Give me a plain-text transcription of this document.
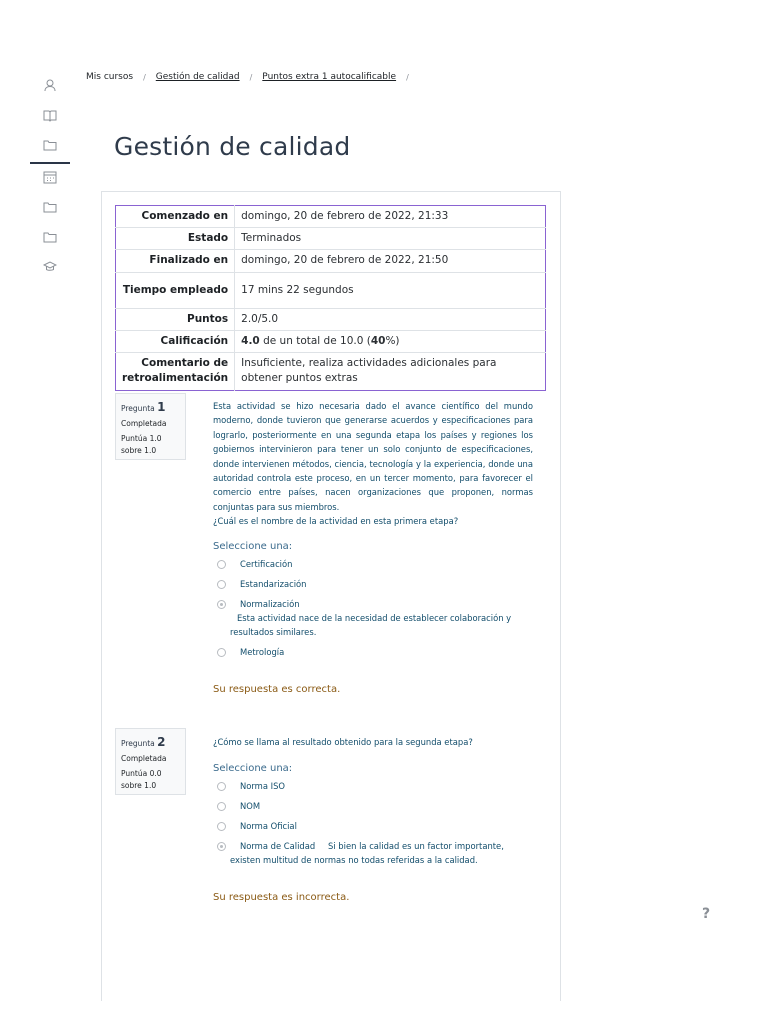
Mis cursos / Gestión de calidad / Puntos extra 1 autocalificable /
Gestión de calidad
Comenzado en	domingo, 20 de febrero de 2022, 21:33
Estado	Terminados
Finalizado en	domingo, 20 de febrero de 2022, 21:50
Tiempo empleado	17 mins 22 segundos
Puntos	2.0/5.0
Calificación	4.0 de un total de 10.0 (40%)
Comentario de retroalimentación	Insuficiente, realiza actividades adicionales para obtener puntos extras
Pregunta 1
Completada
Puntúa 1.0 sobre 1.0
Esta actividad se hizo necesaria dado el avance científico del mundo moderno, donde tuvieron que generarse acuerdos y especificaciones para lograrlo, posteriormente en una segunda etapa los países y regiones los gobiernos intervinieron para tener un solo conjunto de especificaciones, donde intervienen métodos, ciencia, tecnología y la experiencia, donde una autoridad controla este proceso, en un tercer momento, para favorecer el comercio entre países, nacen organizaciones que proponen, normas conjuntas para sus miembros.
¿Cuál es el nombre de la actividad en esta primera etapa?
Seleccione una:
Certificación
Estandarización
Normalización
Esta actividad nace de la necesidad de establecer colaboración y resultados similares.
Metrología
Su respuesta es correcta.
Pregunta 2
Completada
Puntúa 0.0 sobre 1.0
¿Cómo se llama al resultado obtenido para la segunda etapa?
Seleccione una:
Norma ISO
NOM
Norma Oficial
Norma de Calidad	Si bien la calidad es un factor importante, existen multitud de normas no todas referidas a la calidad.
Su respuesta es incorrecta.
?
